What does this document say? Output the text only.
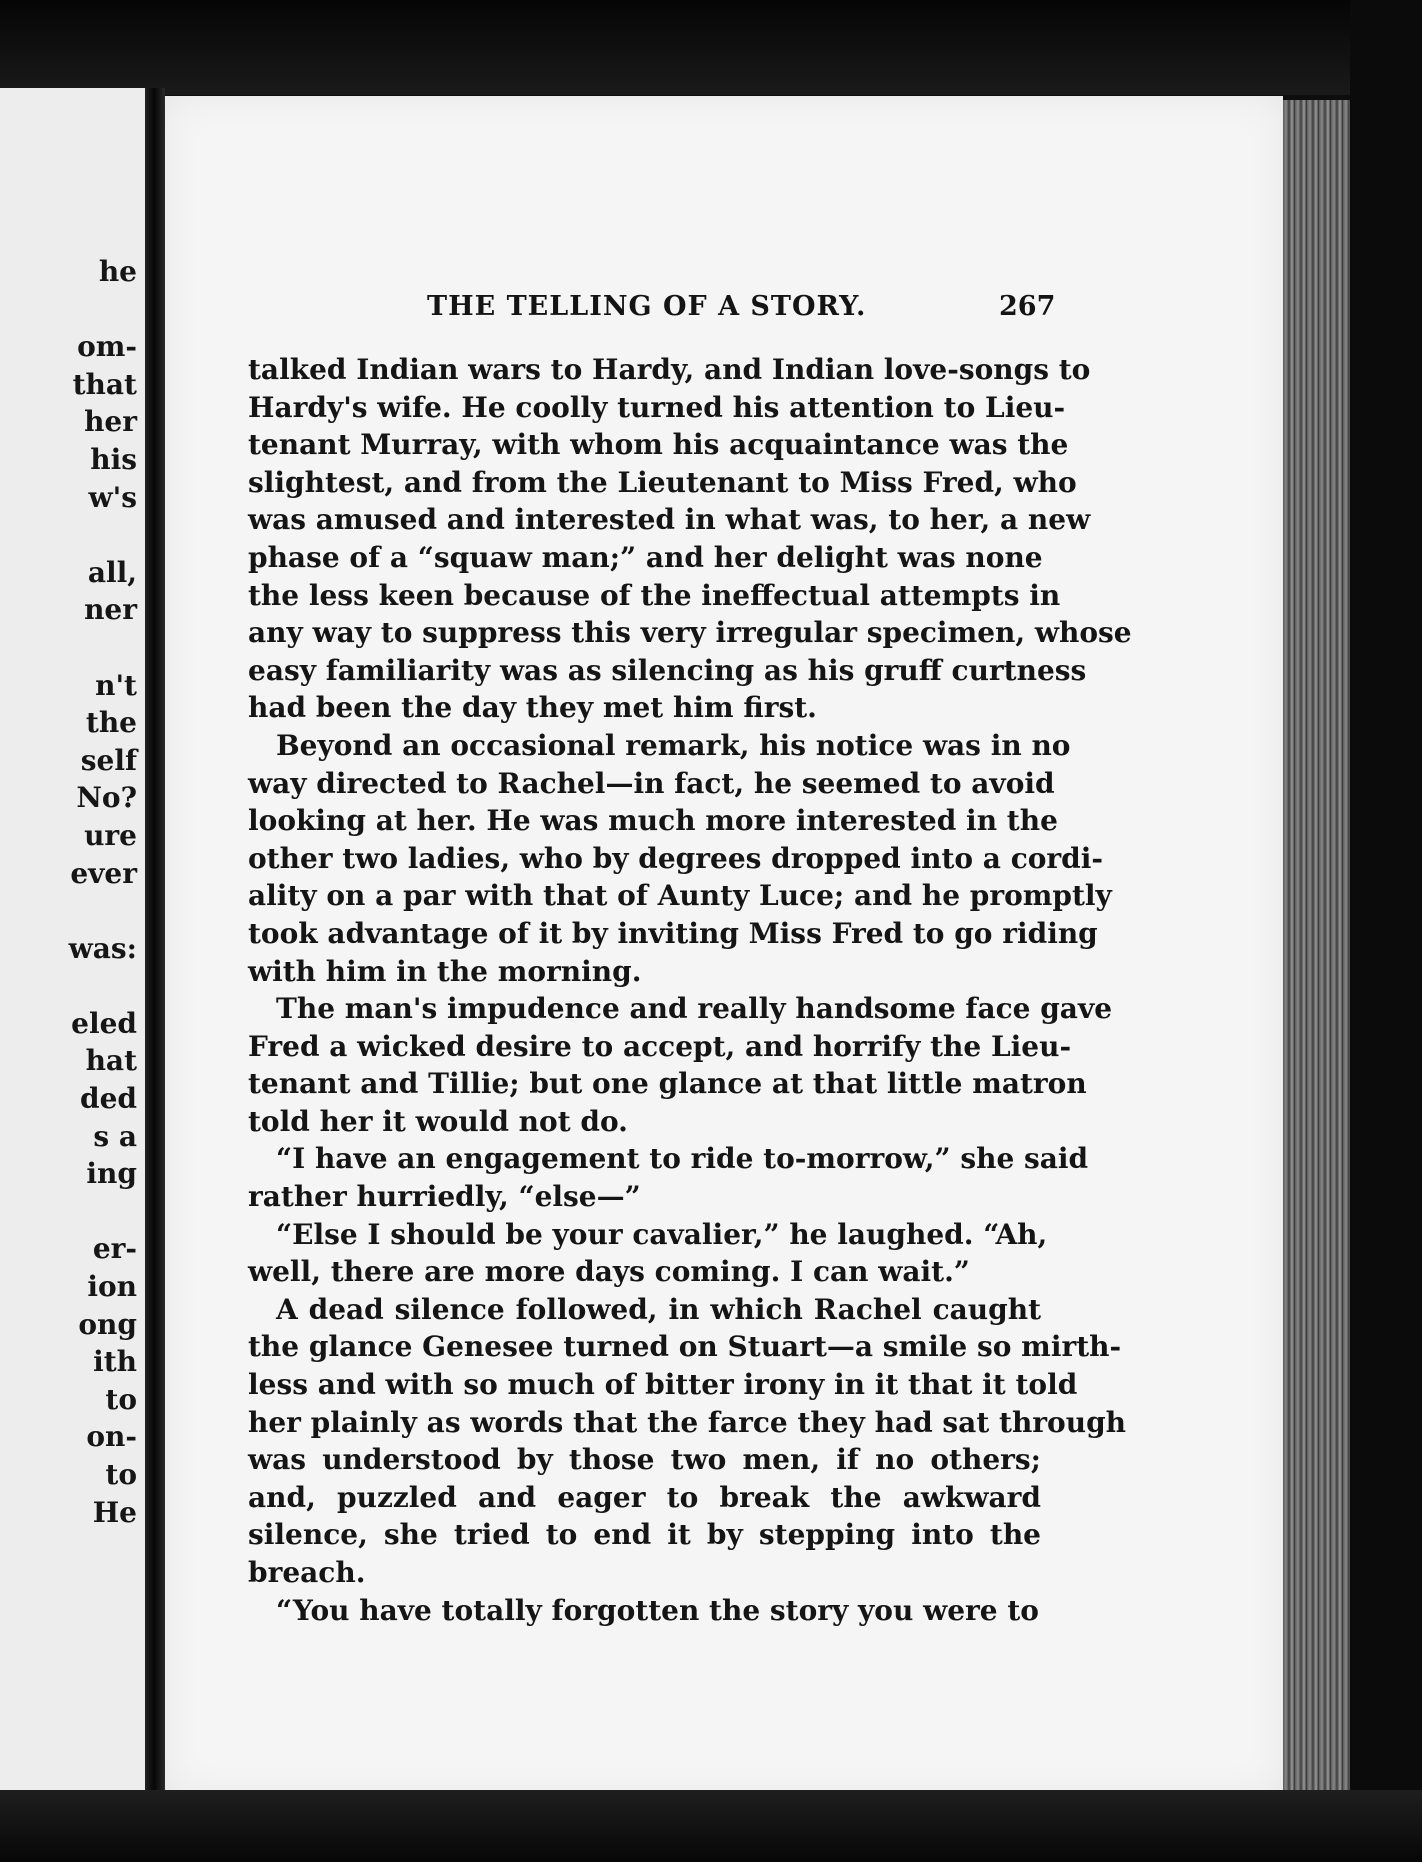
he
om-
that
her
his
w's
all,
ner
n't
the
self
No?
ure
ever
was:
eled
hat
ded
s a
ing
er-
ion
ong
ith
to
on-
to
He
THE TELLING OF A STORY.	267
talked Indian wars to Hardy, and Indian love-songs to
Hardy's wife. He coolly turned his attention to Lieu-
tenant Murray, with whom his acquaintance was the
slightest, and from the Lieutenant to Miss Fred, who
was amused and interested in what was, to her, a new
phase of a “squaw man;” and her delight was none
the less keen because of the ineffectual attempts in
any way to suppress this very irregular specimen, whose
easy familiarity was as silencing as his gruff curtness
had been the day they met him first.
Beyond an occasional remark, his notice was in no
way directed to Rachel—in fact, he seemed to avoid
looking at her. He was much more interested in the
other two ladies, who by degrees dropped into a cordi-
ality on a par with that of Aunty Luce; and he promptly
took advantage of it by inviting Miss Fred to go riding
with him in the morning.
The man's impudence and really handsome face gave
Fred a wicked desire to accept, and horrify the Lieu-
tenant and Tillie; but one glance at that little matron
told her it would not do.
“I have an engagement to ride to-morrow,” she said
rather hurriedly, “else—”
“Else I should be your cavalier,” he laughed. “Ah,
well, there are more days coming. I can wait.”
A dead silence followed, in which Rachel caught
the glance Genesee turned on Stuart—a smile so mirth-
less and with so much of bitter irony in it that it told
her plainly as words that the farce they had sat through
was understood by those two men, if no others;
and, puzzled and eager to break the awkward
silence, she tried to end it by stepping into the
breach.
“You have totally forgotten the story you were to
